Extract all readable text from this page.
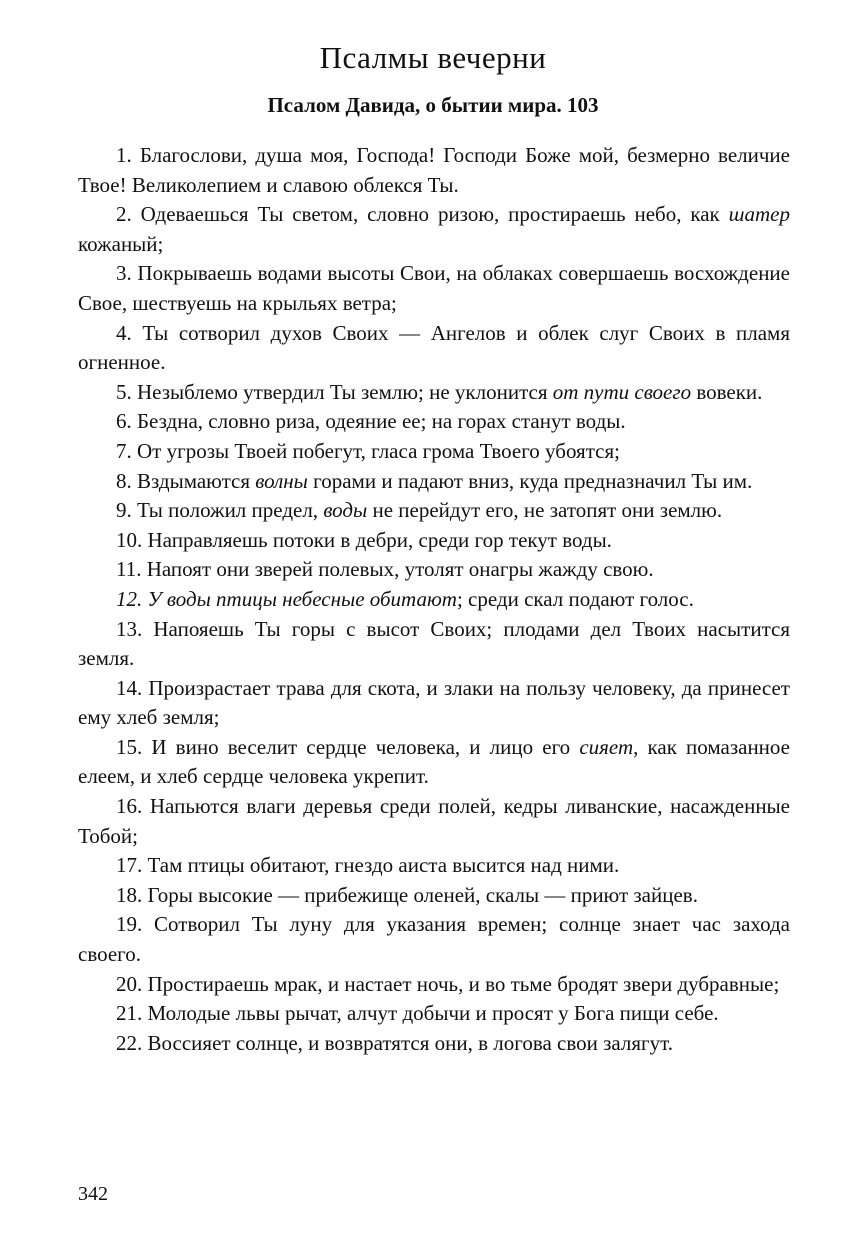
Псалмы вечерни
Псалом Давида, о бытии мира. 103

1. Благослови, душа моя, Господа! Господи Боже мой, безмерно величие Твое! Великолепием и славою облекся Ты.

2. Одеваешься Ты светом, словно ризою, простираешь небо, как шатер кожаный;

3. Покрываешь водами высоты Свои, на облаках совершаешь восхождение Свое, шествуешь на крыльях ветра;

4. Ты сотворил духов Своих — Ангелов и облек слуг Своих в пламя огненное.

5. Незыблемо утвердил Ты землю; не уклонится от пути своего вовеки.

6. Бездна, словно риза, одеяние ее; на горах станут воды.

7. От угрозы Твоей побегут, гласа грома Твоего убоятся;

8. Вздымаются волны горами и падают вниз, куда предназначил Ты им.

9. Ты положил предел, воды не перейдут его, не затопят они землю.

10. Направляешь потоки в дебри, среди гор текут воды.

11. Напоят они зверей полевых, утолят онагры жажду свою.

12. У воды птицы небесные обитают; среди скал подают голос.

13. Напояешь Ты горы с высот Своих; плодами дел Твоих насытится земля.

14. Произрастает трава для скота, и злаки на пользу человеку, да принесет ему хлеб земля;

15. И вино веселит сердце человека, и лицо его сияет, как помазанное елеем, и хлеб сердце человека укрепит.

16. Напьются влаги деревья среди полей, кедры ливанские, насажденные Тобой;

17. Там птицы обитают, гнездо аиста высится над ними.

18. Горы высокие — прибежище оленей, скалы — приют зайцев.

19. Сотворил Ты луну для указания времен; солнце знает час захода своего.

20. Простираешь мрак, и настает ночь, и во тьме бродят звери дубравные;

21. Молодые львы рычат, алчут добычи и просят у Бога пищи себе.

22. Воссияет солнце, и возвратятся они, в логова свои залягут.

342
